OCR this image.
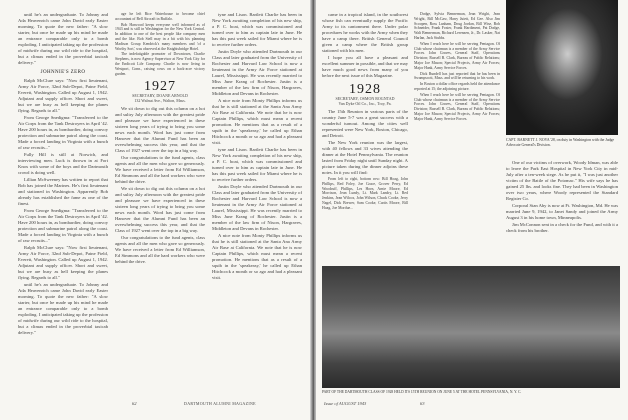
until he's an undergraduate. To Johnny and Ada Heavenrich came John David early Easter morning. To quote the new father: "A slow starter, but once he made up his mind he made an entrance comparable only to a bomb exploding. I anticipated taking up the profession of midwife during our wild ride to the hospital, but a climax ended in the proverbial taxicab delivery."

JOHNNIE'S ZERO

Ralph McClure says: "Now first lieutenant, Army Air Force, 32nd Sub-Depot, Paine Field, Everett, Washington. Called up August 1, 1942. Adjutant and supply officer. Short and sweet, but we are busy as hell keeping the planes flying. Regards to all."

From George Snedigma: "Transferred to the Air Corps from the Tank Destroyers in April '42. Have 200 hours in, as bombardier, doing convoy protection and submarine patrol along the coast. Made a forced landing in Virginia with a bunch of raw recruits..."

Fully Hill is still at Norwich, and interviewing men. Luck is thrown in at Fort Knox with some of the boys and the Dartmouth crowd is doing well.

Lillian McSweeney has written to report that Bob has joined the Marines. He's first lieutenant and stationed in Washington. Apparently Bob already has established the fame as one of the finest.

From George Snedigma: "Transferred to the Air Corps from the Tank Destroyers in April '42. Have 200 hours in, as bombardier, doing convoy protection and submarine patrol along the coast. Made a forced landing in Virginia with a bunch of raw recruits..."

Ralph McClure says: "Now first lieutenant, Army Air Force, 32nd Sub-Depot, Paine Field, Everett, Washington. Called up August 1, 1942. Adjutant and supply officer. Short and sweet, but we are busy as hell keeping the planes flying. Regards to all."

until he's an undergraduate. To Johnny and Ada Heavenrich came John David early Easter morning. To quote the new father: "A slow starter, but once he made up his mind he made an entrance comparable only to a bomb exploding. I anticipated taking up the profession of midwife during our wild ride to the hospital, but a climax ended in the proverbial taxicab delivery."

age he left Rice Waterhouse to become chief accountant of Bell Aircraft in Buffalo.

Bob Harwood keeps everyone well informed as of 1943 and is still in Washington for the New York Central. In addition to one of the best people like company men and the like. Bob Stell may in a bit with his planning Madison Group Kendrick's many members and 'of a Worthy Sort,' was observed at the Knightsbridge Hotel.

The indefatigable promoter of Downtown, Charlie Stephens, is now Agency Supervisor at New York City for the Endicott Life Company. Charlie is now living in Westport, Conn., raising cows on a back-acre victory garden.

1927
SECRETARY, DOANE ARNOLD
132 Walnut Ave., Walton, Mass.

We sit down to dig out this column on a hot and sultry July afternoon with the greatest pride and pleasure we have experienced in these sixteen long years of trying to bring you some news each month. Word has just come from Hanover that the Alumni Fund has been an overwhelming success this year, and that the Class of 1927 went over the top in a big way.

Our congratulations to the fund agents, class agents and all the men who gave so generously. We have received a letter from Ed Williamson, Ed Simmons and all the hard workers who were behind the drive.

We sit down to dig out this column on a hot and sultry July afternoon with the greatest pride and pleasure we have experienced in these sixteen long years of trying to bring you some news each month. Word has just come from Hanover that the Alumni Fund has been an overwhelming success this year, and that the Class of 1927 went over the top in a big way.

Our congratulations to the fund agents, class agents and all the men who gave so generously. We have received a letter from Ed Williamson, Ed Simmons and all the hard workers who were behind the drive.

tyne and Lison. Bartlett Charlie has been in New York awaiting completion of his new ship, a P. C. boat, which was commissioned and turned over to him as captain late in June. He has this past week sailed for Miami where he is to receive further orders.

Justin Doyle who attended Dartmouth in our Class and later graduated from the University of Rochester and Harvard Law School is now a lieutenant in the Army Air Force stationed at Laurel, Mississippi. He was recently married to Miss June Krang of Rochester. Justin is a member of the law firm of Nixon, Hargraves, Middleton and Devans in Rochester.

A nice note from Monty Phillips informs us that he is still stationed at the Santa Ana Army Air Base at California. We note that he is now Captain Phillips, which must mean a recent promotion. He mentions that as a result of a squib in the 'speakeasy,' he called up Ethan Hitchcock a month or so ago and had a pleasant visit.

tyne and Lison. Bartlett Charlie has been in New York awaiting completion of his new ship, a P. C. boat, which was commissioned and turned over to him as captain late in June. He has this past week sailed for Miami where he is to receive further orders.

Justin Doyle who attended Dartmouth in our Class and later graduated from the University of Rochester and Harvard Law School is now a lieutenant in the Army Air Force stationed at Laurel, Mississippi. He was recently married to Miss June Krang of Rochester. Justin is a member of the law firm of Nixon, Hargraves, Middleton and Devans in Rochester.

A nice note from Monty Phillips informs us that he is still stationed at the Santa Ana Army Air Base at California. We note that he is now Captain Phillips, which must mean a recent promotion. He mentions that as a result of a squib in the 'speakeasy,' he called up Ethan Hitchcock a month or so ago and had a pleasant visit.

62	DARTMOUTH ALUMNI MAGAZINE

came in a tropical island, in the southwest whose fish can eventually supply the Pacific Army to its cantonment there. Under polar procedures he works with the Army when they have a camp there. British General Council given a camp where the British group stationed with his men.

I hope you all have a pleasant and excellent summer in possible, and that we may have much good news from many of you before the next issue of this Magazine.

1928
SECRETARY, OSMON ROGNTAD
Van Dyke Oil Co., Inc., Troy, Pa.

The 15th Reunion in various parts of the country June 5-7 was a great success with a wonderful turnout. Among the cities well represented were New York, Boston, Chicago, and Detroit.

The New York reunion was the largest, with 40 fellows and 33 wives attending the dinner at the Hotel Pennsylvania. The reunion lasted from Friday night until Sunday night. A picture taken during the dinner adjoins these notes. In it you will find:

From left to right, bottom row: Bill Hoag, John Phillips, Red Foley, Joe Grace, Grover Perry, Ed Woodruff, Phillips, Les Horn, Arnie Moore, Ed Morrison, Jean Lundy, Lt. Mark Landry, Lt. Red Jenkins, Jean Wilcox, John Wilson, Chuck Cooke, Jerry Nagel, Dick Brewer, Sam Cooke, Curtis Moore, Bill Hoag, Joe Mordue...

Dodge, Sylvia Bennerman, Jean Wright, Jean Wright, Bill McCaw, Harry Juiett, Ed Gee. Also Jim Scoopen, Ross Lanham, Doug Jordan, Bill Wise, Bob Schneider, Frank Foster, Frank Hardiment, Pat Dodge, Walt Bennerman, Richard Lerenzen, Jr., Dr. Lasker, Nat Harlan, Jack Stubbs.

When I reach here he will be serving Pentagon. Of Club whose chairman is a member of the Army Service Forces. John Graves, General Staff, Operations Division; Russell B. Clark, Bureau of Public Relations; Major Joe Mason; Special Projects, Army Air Forces; Major Hank, Army Service Forces.

Dick Rundell has just reported that he has been in Swampscott, Mass. and will be returning to his work.

In Boston a dollar office regards held the attendance reported at 15; the adjoining picture.

When I reach here he will be serving Pentagon. Of Club whose chairman is a member of the Army Service Forces. John Graves, General Staff, Operations Division; Russell B. Clark, Bureau of Public Relations; Major Joe Mason; Special Projects, Army Air Forces; Major Hank, Army Service Forces.

CAPT. BARNETT J. NOVA '28, on duty in Washington with the Judge Advocate General's Division.

One of our victims of overwork, Woody Idman, was able to leave the Park East Hospital in New York City in mid-July after a ten-week siege. As he put it, "I was just another victim of the Battle of the Potomac." His wife says he has gained 25 lbs. and looks fine. They had been in Washington over two years, where Woody represented the Standard Register Co.

Corporal Stan Aby is now at Ft. Washington, Md. He was married June 9, 1942, to Janet Sandy and joined the Army August 3 in his home town, Minneapolis.

Jim McConnon sent in a check for the Fund, and with it a check from his brother.

PART OF THE DARTMOUTH CLASS OF 1928 HELD ITS 15TH REUNION ON JUNE 5 AT THE HOTEL PENNSYLVANIA, N. Y. C.
Issue of AUGUST 1943	63
